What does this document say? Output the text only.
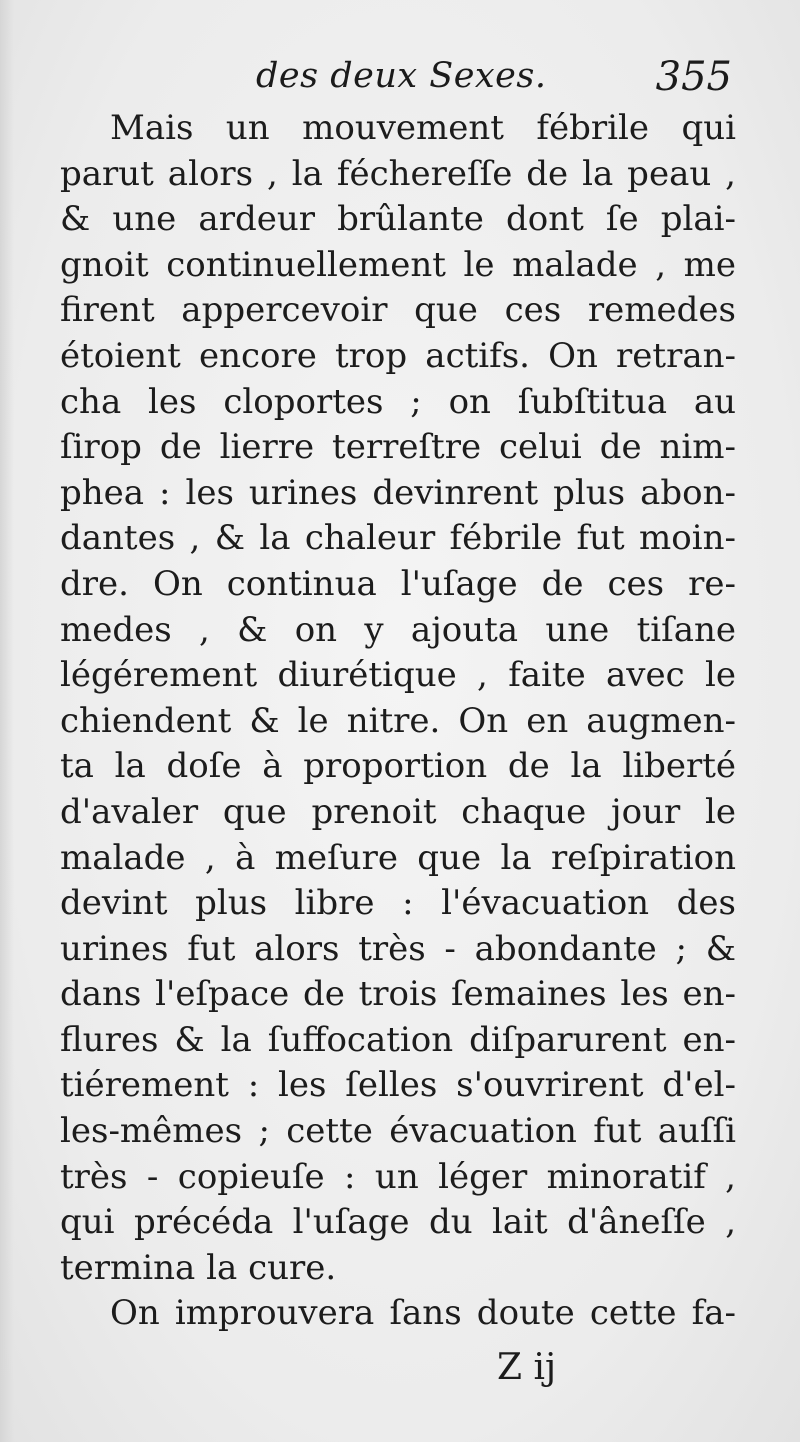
des deux Sexes.	355
Mais un mouvement fébrile qui
parut alors , la féchereſſe de la peau ,
& une ardeur brûlante dont ſe plai-
gnoit continuellement le malade , me
firent appercevoir que ces remedes
étoient encore trop actifs. On retran-
cha les cloportes ; on ſubſtitua au
ſirop de lierre terreſtre celui de nim-
phea : les urines devinrent plus abon-
dantes , & la chaleur fébrile fut moin-
dre. On continua l'uſage de ces re-
medes , & on y ajouta une tiſane
légérement diurétique , faite avec le
chiendent & le nitre. On en augmen-
ta la doſe à proportion de la liberté
d'avaler que prenoit chaque jour le
malade , à meſure que la reſpiration
devint plus libre : l'évacuation des
urines fut alors très - abondante ; &
dans l'eſpace de trois ſemaines les en-
flures & la ſuffocation diſparurent en-
tiérement : les ſelles s'ouvrirent d'el-
les-mêmes ; cette évacuation fut auſſi
très - copieuſe : un léger minoratif ,
qui précéda l'uſage du lait d'âneſſe ,
termina la cure.
On improuvera ſans doute cette fa-
Z ij
